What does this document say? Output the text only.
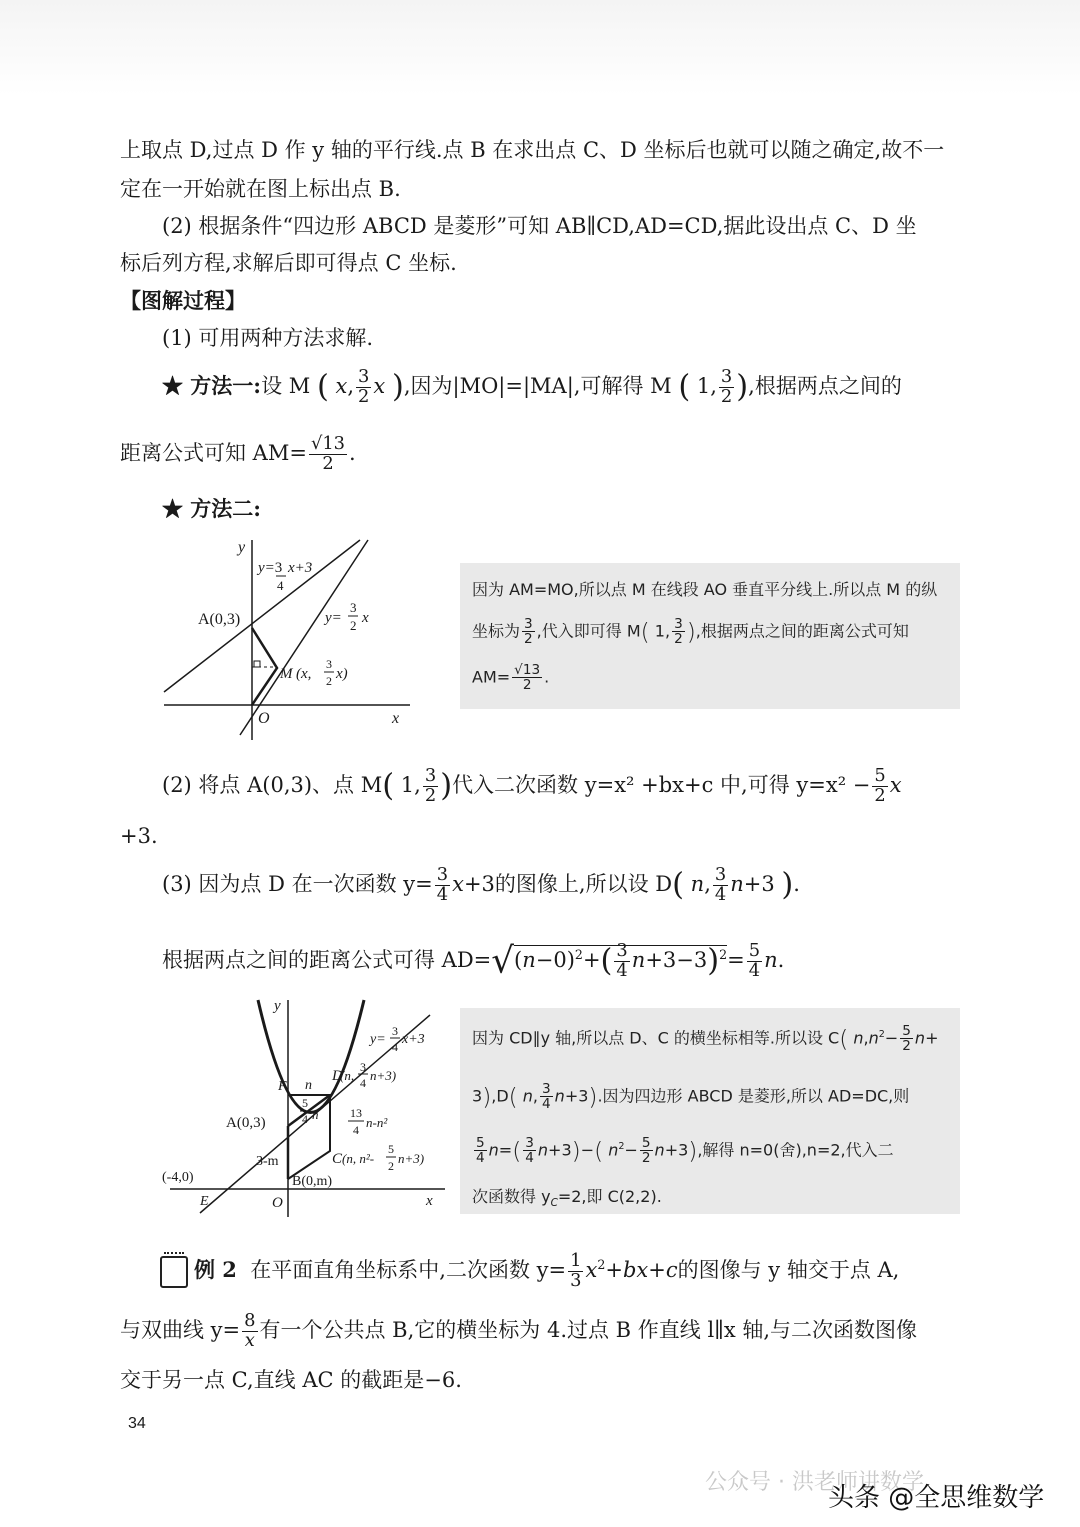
上取点 D,过点 D 作 y 轴的平行线.点 B 在求出点 C、D 坐标后也就可以随之确定,故不一
定在一开始就在图上标出点 B.
(2) 根据条件“四边形 ABCD 是菱形”可知 AB∥CD,AD=CD,据此设出点 C、D 坐
标后列方程,求解后即可得点 C 坐标.
【图解过程】
(1) 可用两种方法求解.
★ 方法一:设 M ( x, $\frac{3}{2}$ x ),因为|MO|=|MA|,可解得 M ( 1, $\frac{3}{2}$ ),根据两点之间的
距离公式可知 $AM= \frac{√13}{2}$ .
★ 方法二:
y
x
O
y=3 x+3
4
y=
3
2 x
A(0,3)
M (x,
3
2 x)

因为 AM=MO,所以点 M 在线段 AO 垂直平分线上.所以点 M 的纵

坐标为 $\frac{3}{2}$ ,代入即可得 M( 1, $\frac{3}{2}$ ),根据两点之间的距离公式可知

$AM= \frac{√13}{2}$ .

(2) 将点 A(0,3)、点 M( 1, $\frac{3}{2}$ )代入二次函数 y=x² +bx+c 中,可得 $y=x^2 - \frac{5}{2}$ x
+3.
(3) 因为点 D 在一次函数 $y= \frac{3}{4} x+3$的图像上,所以设 D( n, $\frac{3}{4} n+3$ ).
根据两点之间的距离公式可得 $AD=√(n-0)^2+( \frac{3}{4} n+3-3)^2= \frac{5}{4} n$.
y
x
O
F
A(0,3)
3-m
B(0,m)
(-4,0)
E
n
D
C
y=
3
4 x+3
(n,
3
4 n+3)
5
4 n	13
4 n-n²
(n, n²-
5
2 n+3)

因为 CD∥y 轴,所以点 D、C 的横坐标相等.所以设 C( $n,n^2- \frac{5}{2} n+$

3),D( n, $\frac{3}{4} n+3$).因为四边形 ABCD 是菱形,所以 AD=DC,则

$\frac{5}{4} n=( \frac{3}{4} n+3)-$( $n^2- \frac{5}{2} n+3$),解得 n=0(舍),n=2,代入二

次函数得 $y_C=2$,即 C(2,2).

例 2 在平面直角坐标系中,二次函数 $y= \frac{1}{3} x^2+bx+c$的图像与 y 轴交于点 A,
与双曲线 $y= \frac{8}{x}$ 有一个公共点 B,它的横坐标为 4.过点 B 作直线 l∥x 轴,与二次函数图像
交于另一点 C,直线 AC 的截距是−6.
34
公众号 · 洪老师讲数学
头条 @全思维数学
